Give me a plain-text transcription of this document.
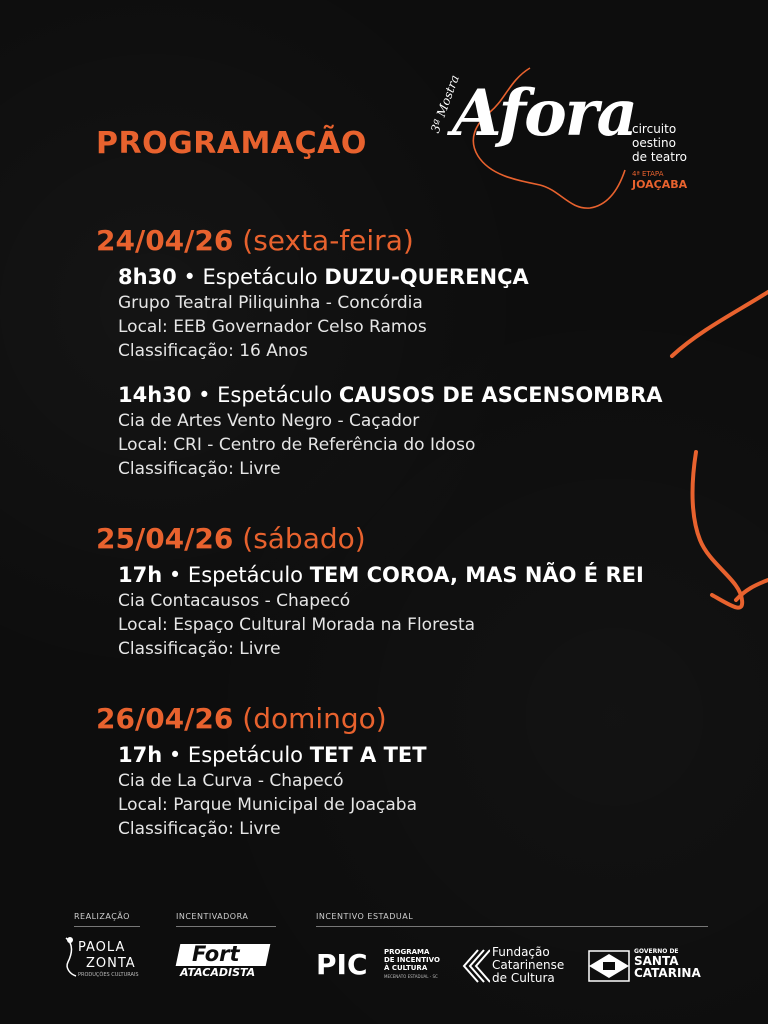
PROGRAMAÇÃO
3ª Mostra
Afora
circuito
oestino
de teatro
4ª ETAPA
JOAÇABA
24/04/26 (sexta-feira)
8h30 • Espetáculo DUZU-QUERENÇA
Grupo Teatral Piliquinha - Concórdia
Local: EEB Governador Celso Ramos
Classificação: 16 Anos
14h30 • Espetáculo CAUSOS DE ASCENSOMBRA
Cia de Artes Vento Negro - Caçador
Local: CRI - Centro de Referência do Idoso
Classificação: Livre
25/04/26 (sábado)
17h • Espetáculo TEM COROA, MAS NÃO É REI
Cia Contacausos - Chapecó
Local: Espaço Cultural Morada na Floresta
Classificação: Livre
26/04/26 (domingo)
17h • Espetáculo TET A TET
Cia de La Curva - Chapecó
Local: Parque Municipal de Joaçaba
Classificação: Livre
REALIZAÇÃO	INCENTIVADORA	INCENTIVO ESTADUAL
PAOLA
ZONTA
PRODUÇÕES CULTURAIS
Fort
ATACADISTA PIC PROGRAMA
DE INCENTIVO
À CULTURA
MECENATO ESTADUAL - SC
Fundação
Catarinense
de Cultura
GOVERNO DE
SANTA
CATARINA
